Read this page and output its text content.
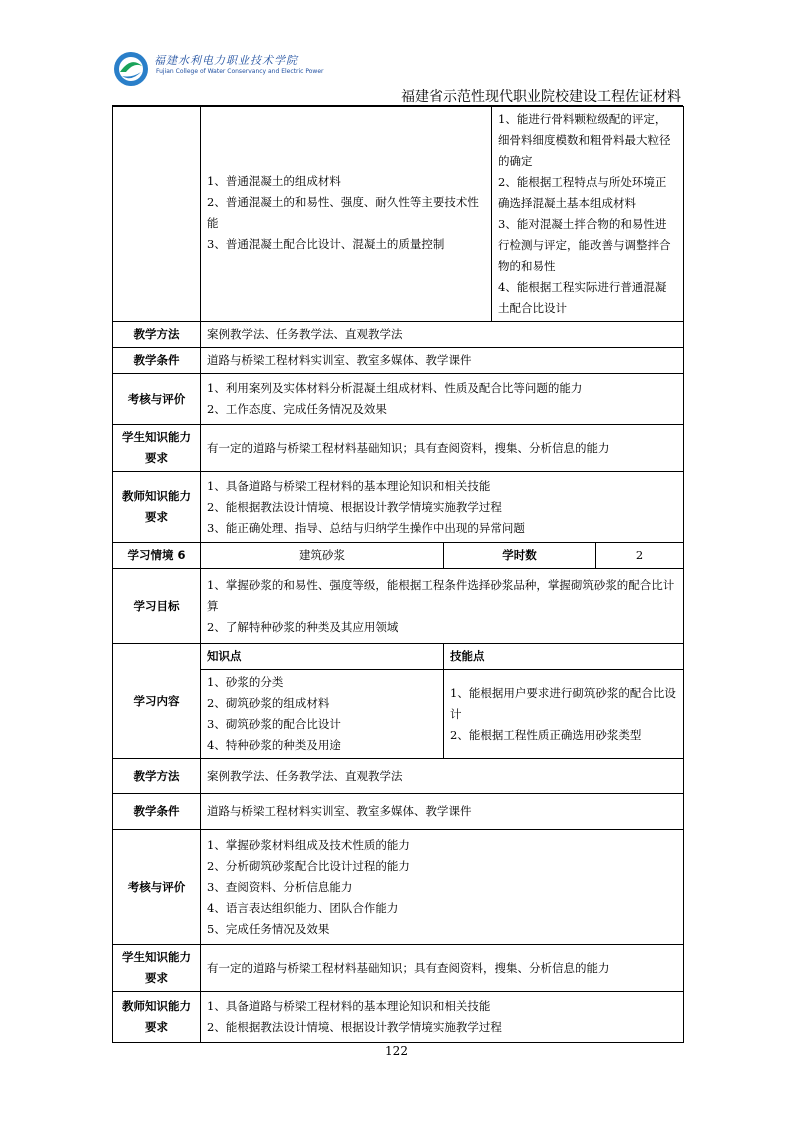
福建水利电力职业技术学院
Fujian College of Water Conservancy and Electric Power
福建省示范性现代职业院校建设工程佐证材料

	1、普通混凝土的组成材料
2、普通混凝土的和易性、强度、耐久性等主要技术性能
3、普通混凝土配合比设计、混凝土的质量控制		1、能进行骨料颗粒级配的评定，细骨料细度模数和粗骨料最大粒径的确定
2、能根据工程特点与所处环境正确选择混凝土基本组成材料
3、能对混凝土拌合物的和易性进行检测与评定，能改善与调整拌合物的和易性
4、能根据工程实际进行普通混凝土配合比设计	

教学方法	案例教学法、任务教学法、直观教学法			
教学条件	道路与桥梁工程材料实训室、教室多媒体、教学课件			
考核与评价	1、利用案列及实体材料分析混凝土组成材料、性质及配合比等问题的能力
2、工作态度、完成任务情况及效果			

学生知识能力要求	有一定的道路与桥梁工程材料基础知识；具有查阅资料，搜集、分析信息的能力			
教师知识能力要求	1、具备道路与桥梁工程材料的基本理论知识和相关技能
2、能根据教法设计情境、根据设计教学情境实施教学过程
3、能正确处理、指导、总结与归纳学生操作中出现的异常问题			

学习情境 6	建筑砂浆	学时数		2
学习目标	1、掌握砂浆的和易性、强度等级，能根据工程条件选择砂浆品种，掌握砌筑砂浆的配合比计算
2、了解特种砂浆的种类及其应用领域			

学习内容	知识点	技能点		

	1、砂浆的分类
2、砌筑砂浆的组成材料
3、砌筑砂浆的配合比设计
4、特种砂浆的种类及用途	1、能根据用户要求进行砌筑砂浆的配合比设计
2、能根据工程性质正确选用砂浆类型		

教学方法	案例教学法、任务教学法、直观教学法			
教学条件	道路与桥梁工程材料实训室、教室多媒体、教学课件			
考核与评价	1、掌握砂浆材料组成及技术性质的能力
2、分析砌筑砂浆配合比设计过程的能力
3、查阅资料、分析信息能力
4、语言表达组织能力、团队合作能力
5、完成任务情况及效果			

学生知识能力要求	有一定的道路与桥梁工程材料基础知识；具有查阅资料，搜集、分析信息的能力			
教师知识能力要求	1、具备道路与桥梁工程材料的基本理论知识和相关技能
2、能根据教法设计情境、根据设计教学情境实施教学过程			
122
